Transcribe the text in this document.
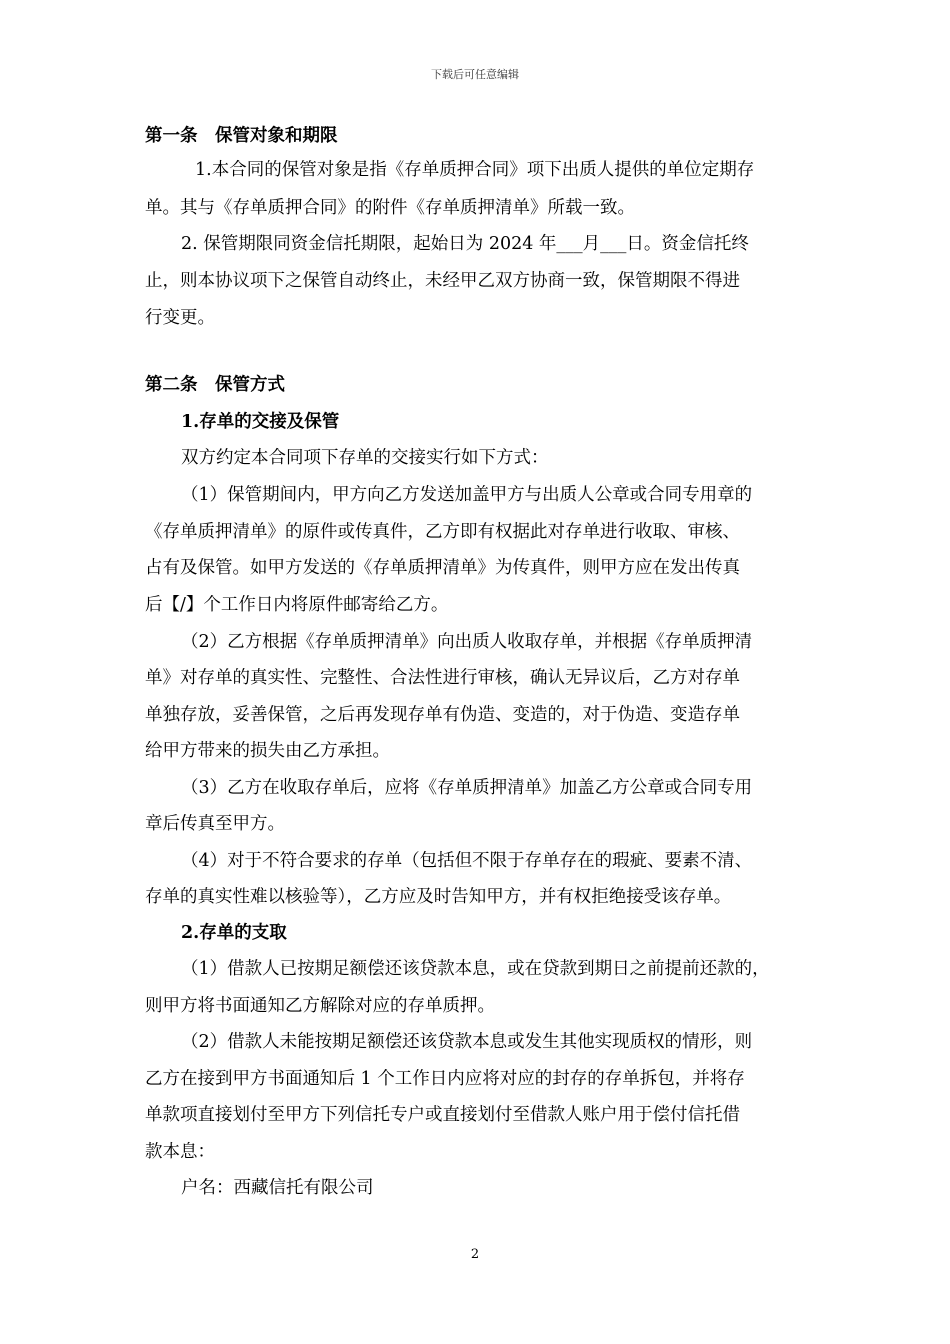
下载后可任意编辑
第一条　保管对象和期限
1.本合同的保管对象是指《存单质押合同》项下出质人提供的单位定期存
单。其与《存单质押合同》的附件《存单质押清单》所载一致。
2. 保管期限同资金信托期限，起始日为 2024 年___月___日。资金信托终
止，则本协议项下之保管自动终止，未经甲乙双方协商一致，保管期限不得进
行变更。
第二条　保管方式
1.存单的交接及保管
双方约定本合同项下存单的交接实行如下方式：
（1）保管期间内，甲方向乙方发送加盖甲方与出质人公章或合同专用章的
《存单质押清单》的原件或传真件，乙方即有权据此对存单进行收取、审核、
占有及保管。如甲方发送的《存单质押清单》为传真件，则甲方应在发出传真
后【/】个工作日内将原件邮寄给乙方。
（2）乙方根据《存单质押清单》向出质人收取存单，并根据《存单质押清
单》对存单的真实性、完整性、合法性进行审核，确认无异议后，乙方对存单
单独存放，妥善保管，之后再发现存单有伪造、变造的，对于伪造、变造存单
给甲方带来的损失由乙方承担。
（3）乙方在收取存单后，应将《存单质押清单》加盖乙方公章或合同专用
章后传真至甲方。
（4）对于不符合要求的存单（包括但不限于存单存在的瑕疵、要素不清、
存单的真实性难以核验等），乙方应及时告知甲方，并有权拒绝接受该存单。
2.存单的支取
（1）借款人已按期足额偿还该贷款本息，或在贷款到期日之前提前还款的，
则甲方将书面通知乙方解除对应的存单质押。
（2）借款人未能按期足额偿还该贷款本息或发生其他实现质权的情形，则
乙方在接到甲方书面通知后 1 个工作日内应将对应的封存的存单拆包，并将存
单款项直接划付至甲方下列信托专户或直接划付至借款人账户用于偿付信托借
款本息：
户名：西藏信托有限公司
2
